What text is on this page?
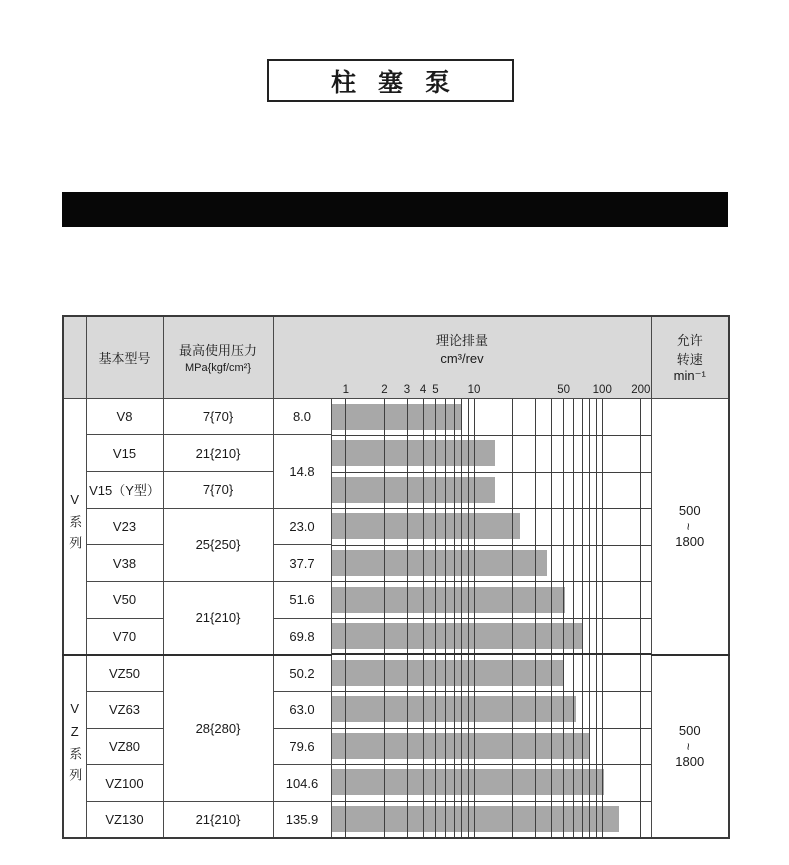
柱塞泵
	基本型号	最高使用压力
MPa{kgf/cm²}

理论排量
cm³/rev
1	2 3 4 5	10	50 100 200

允许
转速
min⁻¹

V系列	V8	7{70}	8.0		500
~
1800

	V15	21{210}	14.8		
	V15（Y型）	7{70}			
	V23	25{250}	23.0		
	V38		37.7		
	V50	21{210}	51.6		
	V70		69.8		
VZ系列	VZ50	28{280}	50.2		500
~
1800

	VZ63		63.0		
	VZ80		79.6		
	VZ100		104.6		
	VZ130	21{210}	135.9		
